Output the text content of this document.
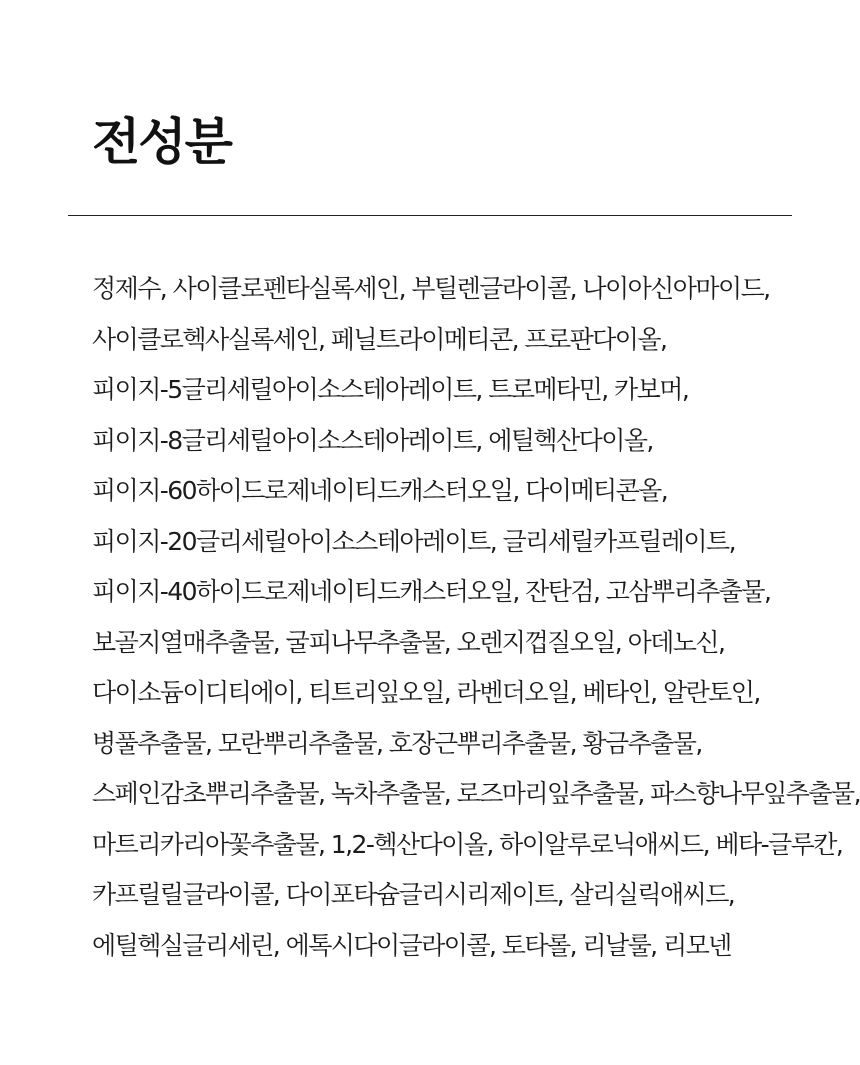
전성분
정제수, 사이클로펜타실록세인, 부틸렌글라이콜, 나이아신아마이드,
사이클로헥사실록세인, 페닐트라이메티콘, 프로판다이올,
피이지-5글리세릴아이소스테아레이트, 트로메타민, 카보머,
피이지-8글리세릴아이소스테아레이트, 에틸헥산다이올,
피이지-60하이드로제네이티드캐스터오일, 다이메티콘올,
피이지-20글리세릴아이소스테아레이트, 글리세릴카프릴레이트,
피이지-40하이드로제네이티드캐스터오일, 잔탄검, 고삼뿌리추출물,
보골지열매추출물, 굴피나무추출물, 오렌지껍질오일, 아데노신,
다이소듐이디티에이, 티트리잎오일, 라벤더오일, 베타인, 알란토인,
병풀추출물, 모란뿌리추출물, 호장근뿌리추출물, 황금추출물,
스페인감초뿌리추출물, 녹차추출물, 로즈마리잎추출물, 파스향나무잎추출물,
마트리카리아꽃추출물, 1,2-헥산다이올, 하이알루로닉애씨드, 베타-글루칸,
카프릴릴글라이콜, 다이포타슘글리시리제이트, 살리실릭애씨드,
에틸헥실글리세린, 에톡시다이글라이콜, 토타롤, 리날룰, 리모넨
